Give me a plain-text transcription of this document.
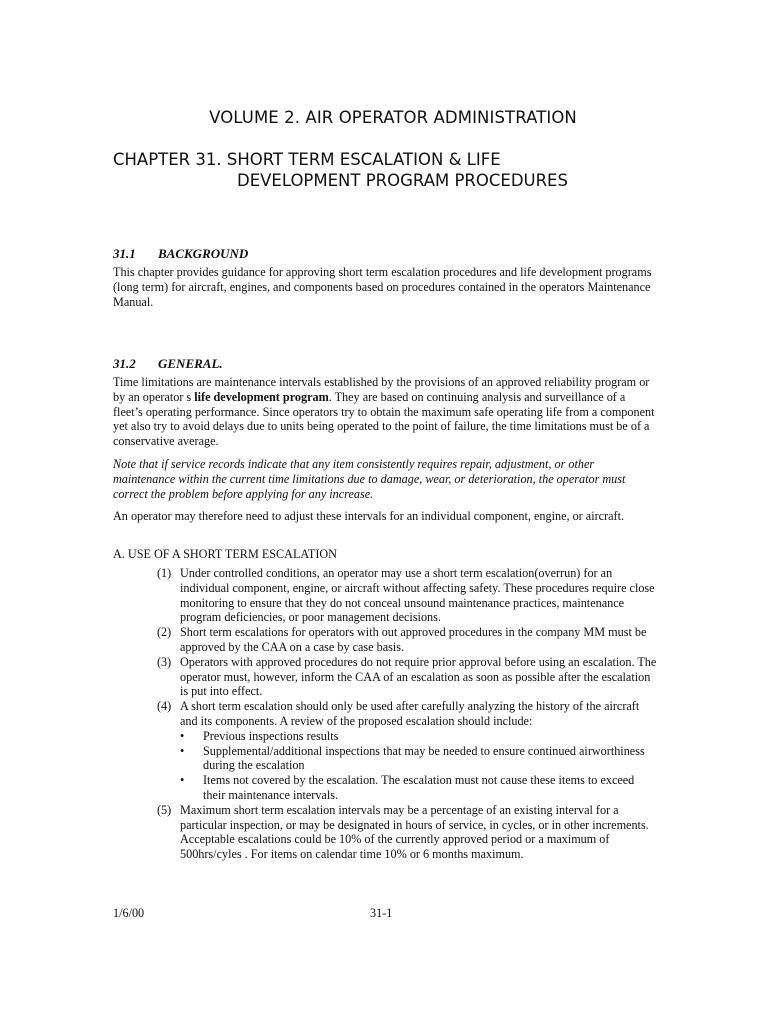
VOLUME 2. AIR OPERATOR ADMINISTRATION
CHAPTER 31. SHORT TERM ESCALATION & LIFE
DEVELOPMENT PROGRAM PROCEDURES
31.1 BACKGROUND
This chapter provides guidance for approving short term escalation procedures and life development programs (long term) for aircraft, engines, and components based on procedures contained in the operators Maintenance Manual.
31.2 GENERAL.
Time limitations are maintenance intervals established by the provisions of an approved reliability program or by an operator s life development program. They are based on continuing analysis and surveillance of a fleet’s operating performance. Since operators try to obtain the maximum safe operating life from a component yet also try to avoid delays due to units being operated to the point of failure, the time limitations must be of a conservative average.
Note that if service records indicate that any item consistently requires repair, adjustment, or other maintenance within the current time limitations due to damage, wear, or deterioration, the operator must correct the problem before applying for any increase.
An operator may therefore need to adjust these intervals for an individual component, engine, or aircraft.
A. USE OF A SHORT TERM ESCALATION
(1) Under controlled conditions, an operator may use a short term escalation(overrun) for an individual component, engine, or aircraft without affecting safety. These procedures require close monitoring to ensure that they do not conceal unsound maintenance practices, maintenance program deficiencies, or poor management decisions.
(2) Short term escalations for operators with out approved procedures in the company MM must be approved by the CAA on a case by case basis.
(3) Operators with approved procedures do not require prior approval before using an escalation. The operator must, however, inform the CAA of an escalation as soon as possible after the escalation is put into effect.
(4) A short term escalation should only be used after carefully analyzing the history of the aircraft and its components. A review of the proposed escalation should include:
•	Previous inspections results
•	Supplemental/additional inspections that may be needed to ensure continued airworthiness during the escalation
•	Items not covered by the escalation. The escalation must not cause these items to exceed their maintenance intervals.
(5) Maximum short term escalation intervals may be a percentage of an existing interval for a particular inspection, or may be designated in hours of service, in cycles, or in other increments. Acceptable escalations could be 10% of the currently approved period or a maximum of 500hrs/cyles . For items on calendar time 10% or 6 months maximum.
1/6/00	31-1
